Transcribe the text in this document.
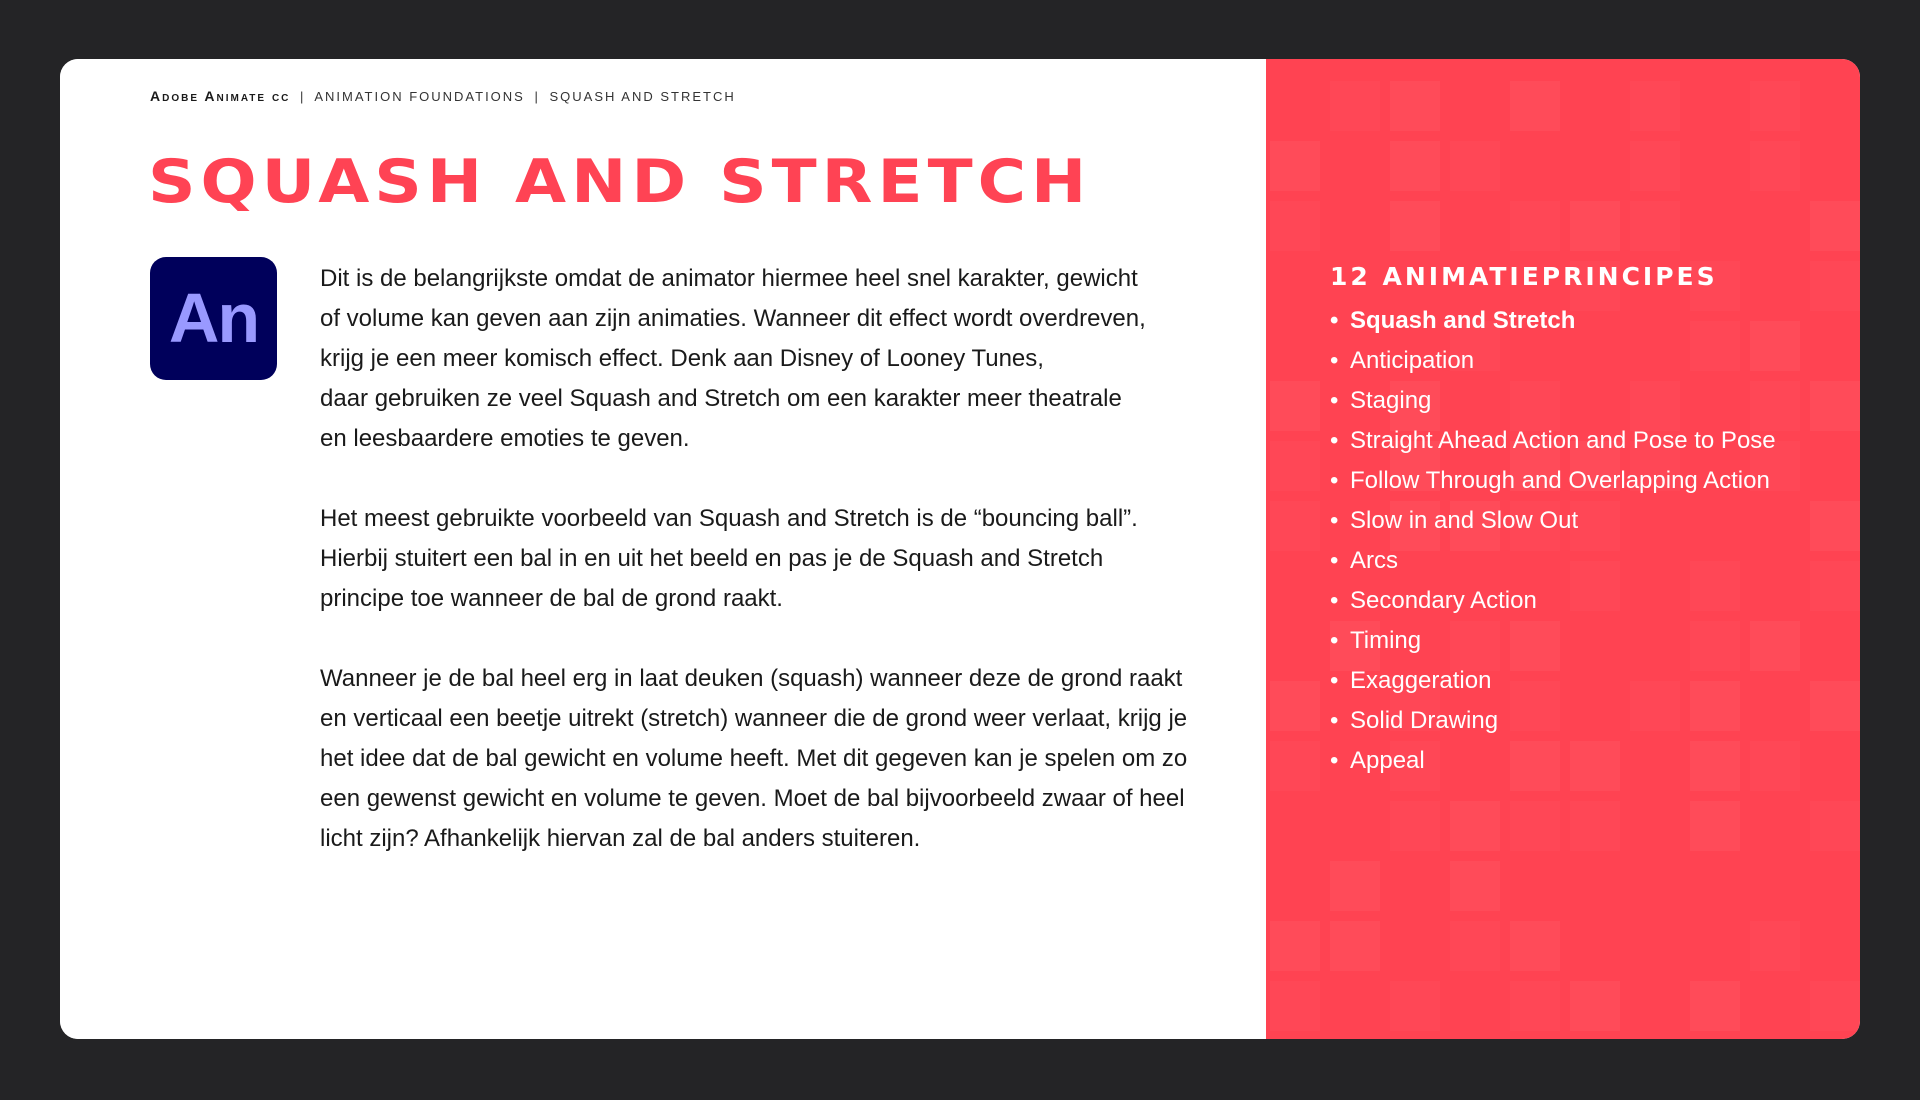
Adobe Animate cc | ANIMATION FOUNDATIONS | SQUASH AND STRETCH
SQUASH AND STRETCH
An	Dit is de belangrijkste omdat de animator hiermee heel snel karakter, gewicht
of volume kan geven aan zijn animaties. Wanneer dit effect wordt overdreven,
krijg je een meer komisch effect. Denk aan Disney of Looney Tunes,
daar gebruiken ze veel Squash and Stretch om een karakter meer theatrale
en leesbaardere emoties te geven.

Het meest gebruikte voorbeeld van Squash and Stretch is de “bouncing ball”.
Hierbij stuitert een bal in en uit het beeld en pas je de Squash and Stretch
principe toe wanneer de bal de grond raakt.

Wanneer je de bal heel erg in laat deuken (squash) wanneer deze de grond raakt
en verticaal een beetje uitrekt (stretch) wanneer die de grond weer verlaat, krijg je
het idee dat de bal gewicht en volume heeft. Met dit gegeven kan je spelen om zo
een gewenst gewicht en volume te geven. Moet de bal bijvoorbeeld zwaar of heel
licht zijn? Afhankelijk hiervan zal de bal anders stuiteren.

12 ANIMATIEPRINCIPES
• Squash and Stretch
• Anticipation
• Staging
• Straight Ahead Action and Pose to Pose
• Follow Through and Overlapping Action
• Slow in and Slow Out
• Arcs
• Secondary Action
• Timing
• Exaggeration
• Solid Drawing
• Appeal
